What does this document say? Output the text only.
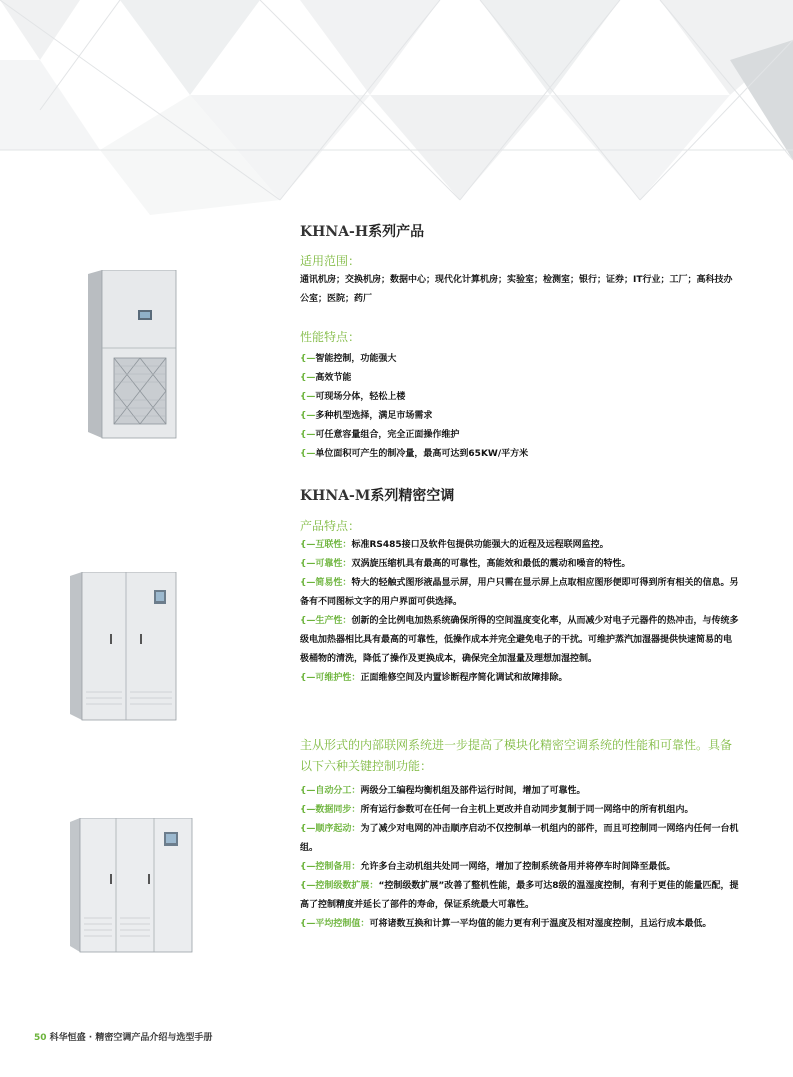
KHNA-H系列产品
适用范围：

通讯机房；交换机房；数据中心；现代化计算机房；实验室；检测室；银行；证券；IT行业；工厂；高科技办公室；医院；药厂

性能特点：
{—智能控制，功能强大
{—高效节能
{—可现场分体，轻松上楼
{—多种机型选择，满足市场需求
{—可任意容量组合，完全正面操作维护
{—单位面积可产生的制冷量，最高可达到65KW/平方米
KHNA-M系列精密空调
产品特点：
{—互联性：标准RS485接口及软件包提供功能强大的近程及远程联网监控。
{—可靠性：双涡旋压缩机具有最高的可靠性，高能效和最低的震动和噪音的特性。
{—简易性：特大的轻触式图形液晶显示屏，用户只需在显示屏上点取相应图形便即可得到所有相关的信息。另备有不同图标文字的用户界面可供选择。
{—生产性：创新的全比例电加热系统确保所得的空间温度变化率，从而减少对电子元器件的热冲击，与传统多级电加热器相比具有最高的可靠性，低操作成本并完全避免电子的干扰。可维护蒸汽加湿器提供快速简易的电极桶物的清洗，降低了操作及更换成本，确保完全加湿量及理想加湿控制。
{—可维护性：正面维修空间及内置诊断程序简化调试和故障排除。

主从形式的内部联网系统进一步提高了模块化精密空调系统的性能和可靠性。具备以下六种关键控制功能：

{—自动分工：两级分工编程均衡机组及部件运行时间，增加了可靠性。
{—数据同步：所有运行参数可在任何一台主机上更改并自动同步复制于同一网络中的所有机组内。
{—顺序起动：为了减少对电网的冲击顺序启动不仅控制单一机组内的部件，而且可控制同一网络内任何一台机组。
{—控制备用：允许多台主动机组共处同一网络，增加了控制系统备用并将停车时间降至最低。
{—控制级数扩展：“控制级数扩展”改善了整机性能，最多可达8级的温湿度控制，有利于更佳的能量匹配，提高了控制精度并延长了部件的寿命，保证系统最大可靠性。
{—平均控制值：可将诸数互换和计算一平均值的能力更有利于温度及相对湿度控制，且运行成本最低。
50 科华恒盛 · 精密空调产品介绍与选型手册
